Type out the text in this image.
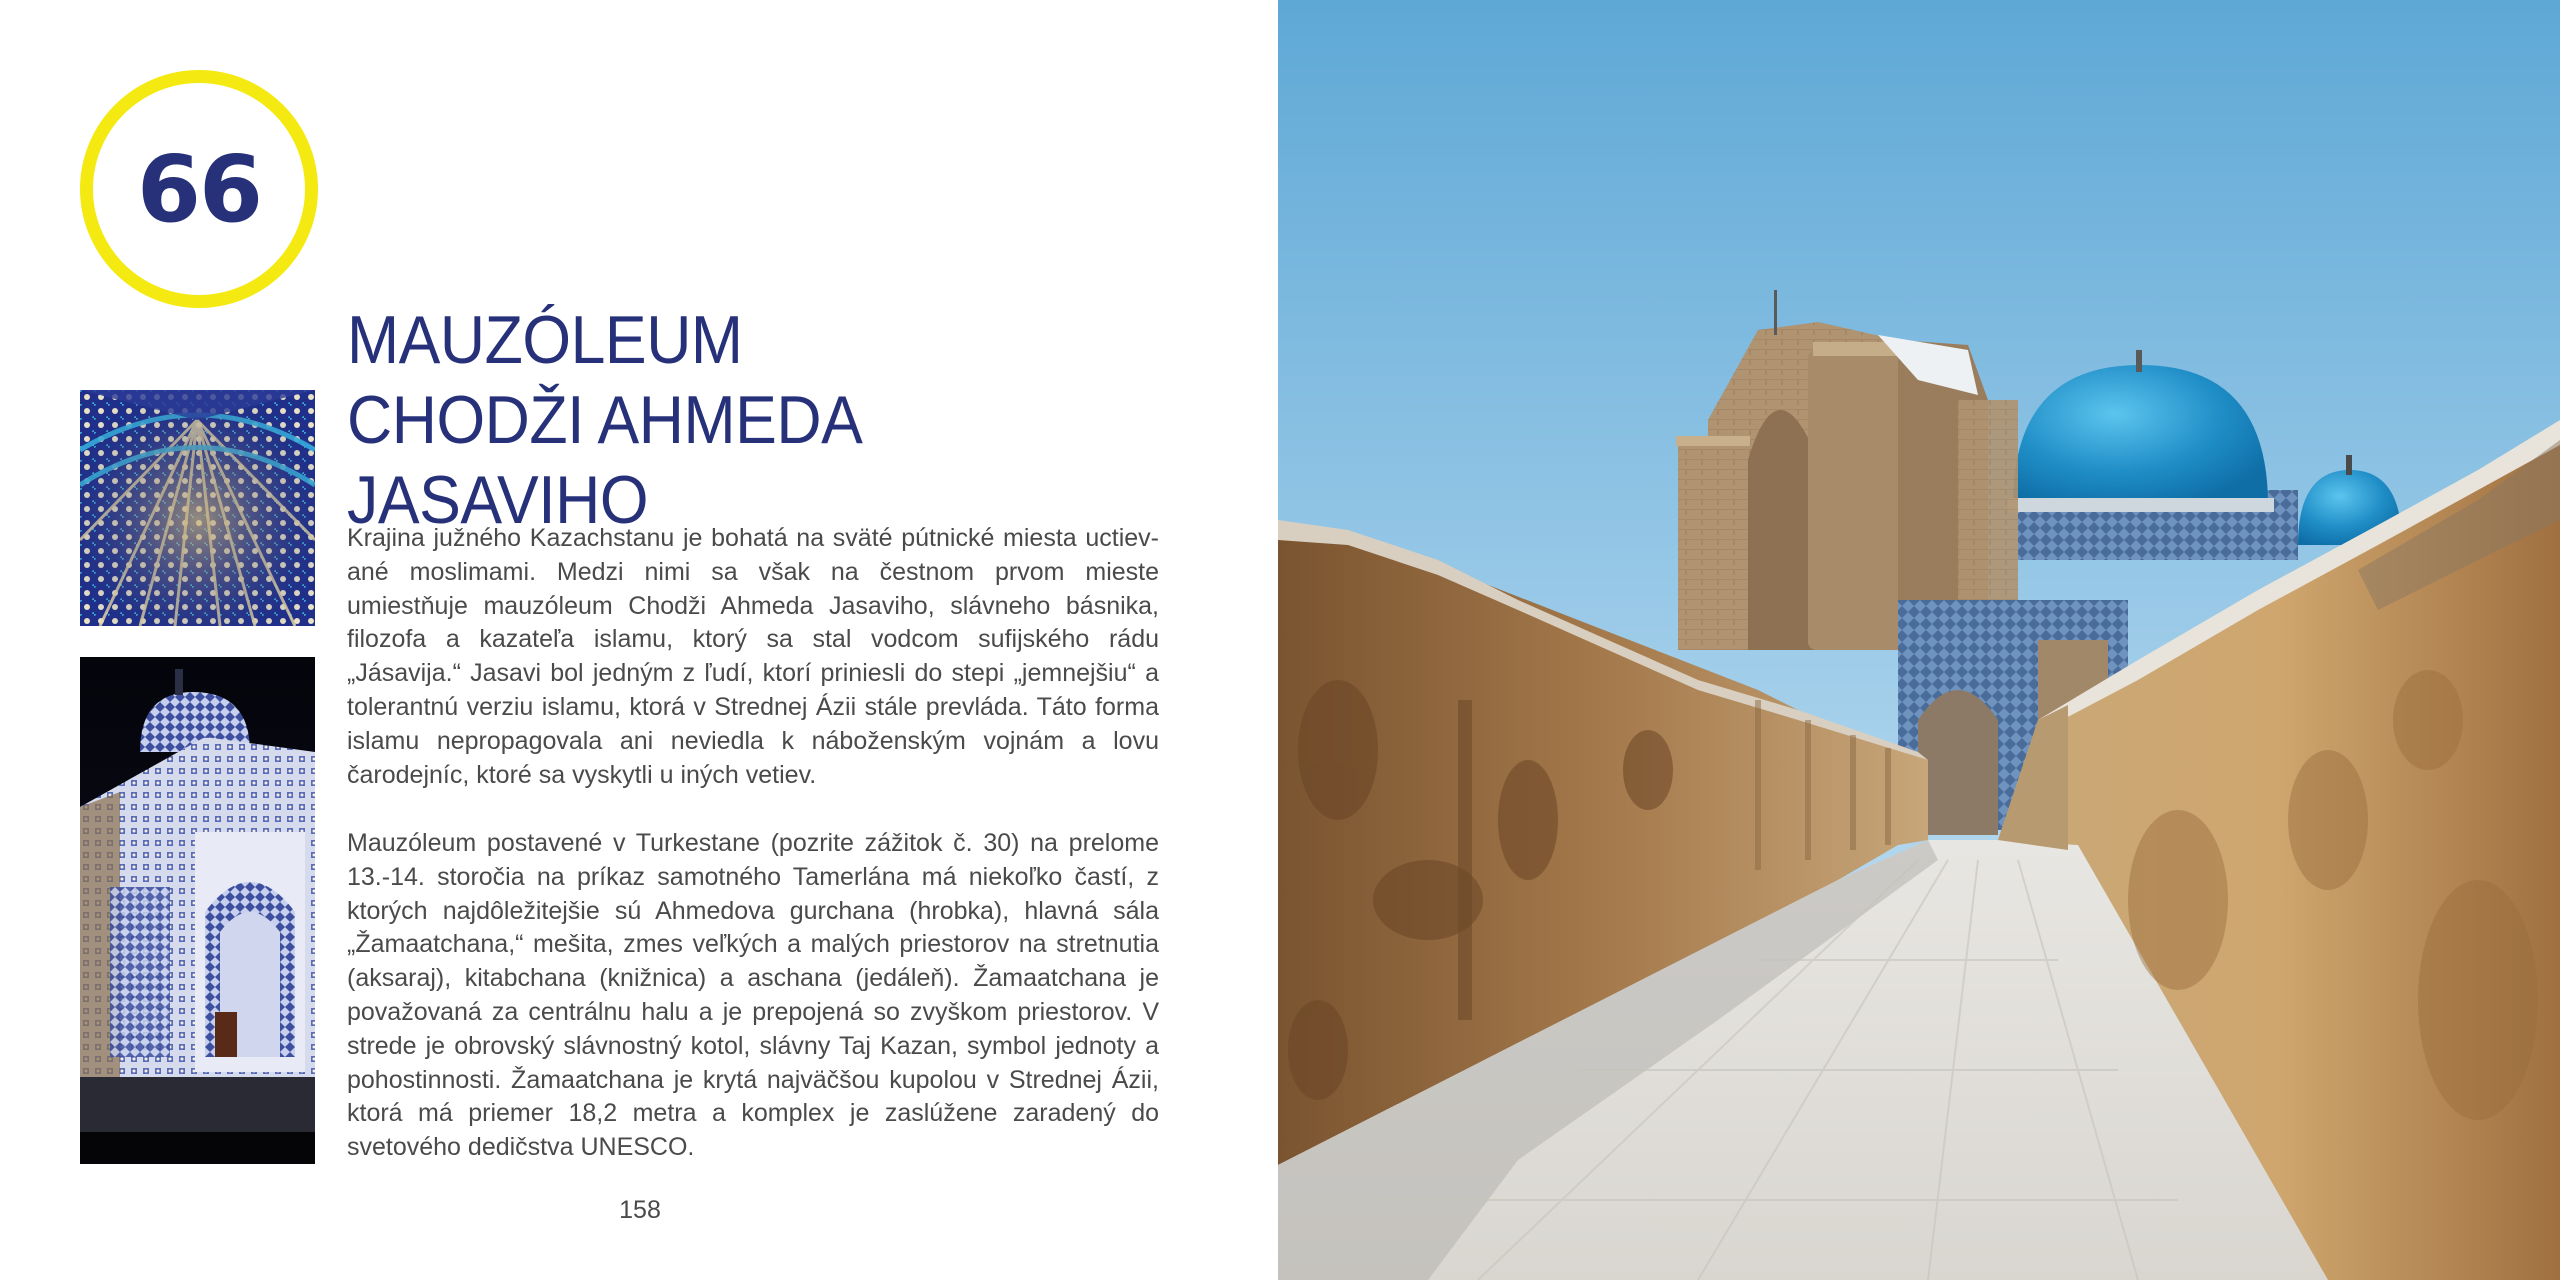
66
MAUZÓLEUM
CHODŽI AHMEDA JASAVIHO

Krajina južného Kazachstanu je bohatá na sväté pútnické miesta uctievané moslimami. Medzi nimi sa však na čestnom prvom mieste umiestňuje mauzóleum Chodži Ahmeda Jasaviho, slávneho básnika, filozofa a kazateľa islamu, ktorý sa stal vodcom sufijského rádu „Jásavija.“ Jasavi bol jedným z ľudí, ktorí priniesli do stepi „jemnejšiu“ a tolerantnú verziu islamu, ktorá v Strednej Ázii stále prevláda. Táto forma islamu nepropagovala ani neviedla k náboženským vojnám a lovu čarodejníc, ktoré sa vyskytli u iných vetiev.

Mauzóleum postavené v Turkestane (pozrite zážitok č. 30) na prelome 13.-14. storočia na príkaz samotného Tamerlána má niekoľko častí, z ktorých najdôležitejšie sú Ahmedova gurchana (hrobka), hlavná sála „Žamaatchana,“ mešita, zmes veľkých a malých priestorov na stretnutia (aksaraj), kitabchana (knižnica) a aschana (jedáleň). Žamaatchana je považovaná za centrálnu halu a je prepojená so zvyškom priestorov. V strede je obrovský slávnostný kotol, slávny Taj Kazan, symbol jednoty a pohostinnosti. Žamaatchana je krytá najväčšou kupolou v Strednej Ázii, ktorá má priemer 18,2 metra a komplex je zaslúžene zaradený do svetového dedičstva UNESCO.

158
